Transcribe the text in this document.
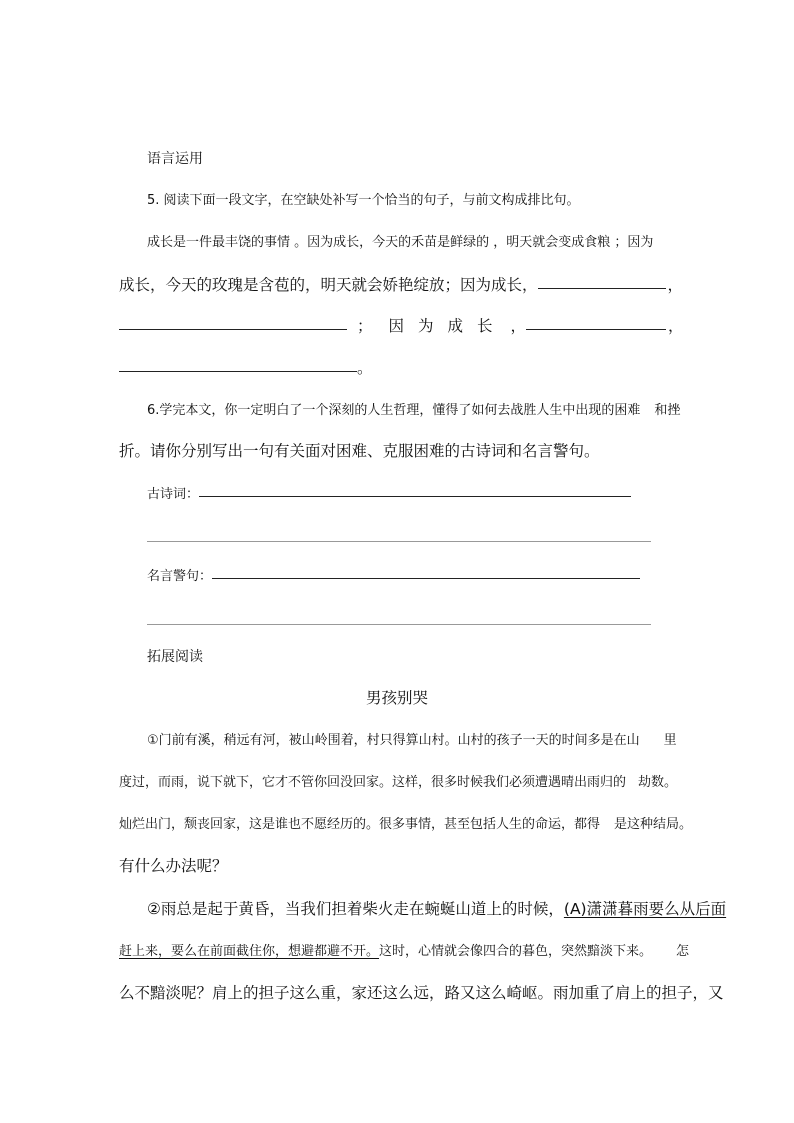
语言运用
5. 阅读下面一段文字，在空缺处补写一个恰当的句子，与前文构成排比句。
成长是一件最丰饶的事情 。因为成长，今天的禾苗是鲜绿的 ，明天就会变成食粮 ；因为
成长，今天的玫瑰是含苞的，明天就会娇艳绽放；因为成长，	，
； 因为成长 ，	，
。
6.学完本文，你一定明白了一个深刻的人生哲理，懂得了如何去战胜人生中出现的困难 和挫
折。请你分别写出一句有关面对困难、克服困难的古诗词和名言警句。
古诗词：
名言警句：
拓展阅读
男孩别哭
①门前有溪，稍远有河，被山岭围着，村只得算山村。山村的孩子一天的时间多是在山 里
度过，而雨，说下就下，它才不管你回没回家。这样，很多时候我们必须遭遇晴出雨归的 劫数。
灿烂出门，颓丧回家，这是谁也不愿经历的。很多事情，甚至包括人生的命运，都得 是这种结局。
有什么办法呢？
②雨总是起于黄昏，当我们担着柴火走在蜿蜒山道上的时候，(A)潇潇暮雨要么从后面
赶上来，要么在前面截住你，想避都避不开。这时，心情就会像四合的暮色，突然黯淡下来。 怎
么不黯淡呢？肩上的担子这么重，家还这么远，路又这么崎岖。雨加重了肩上的担子，又
